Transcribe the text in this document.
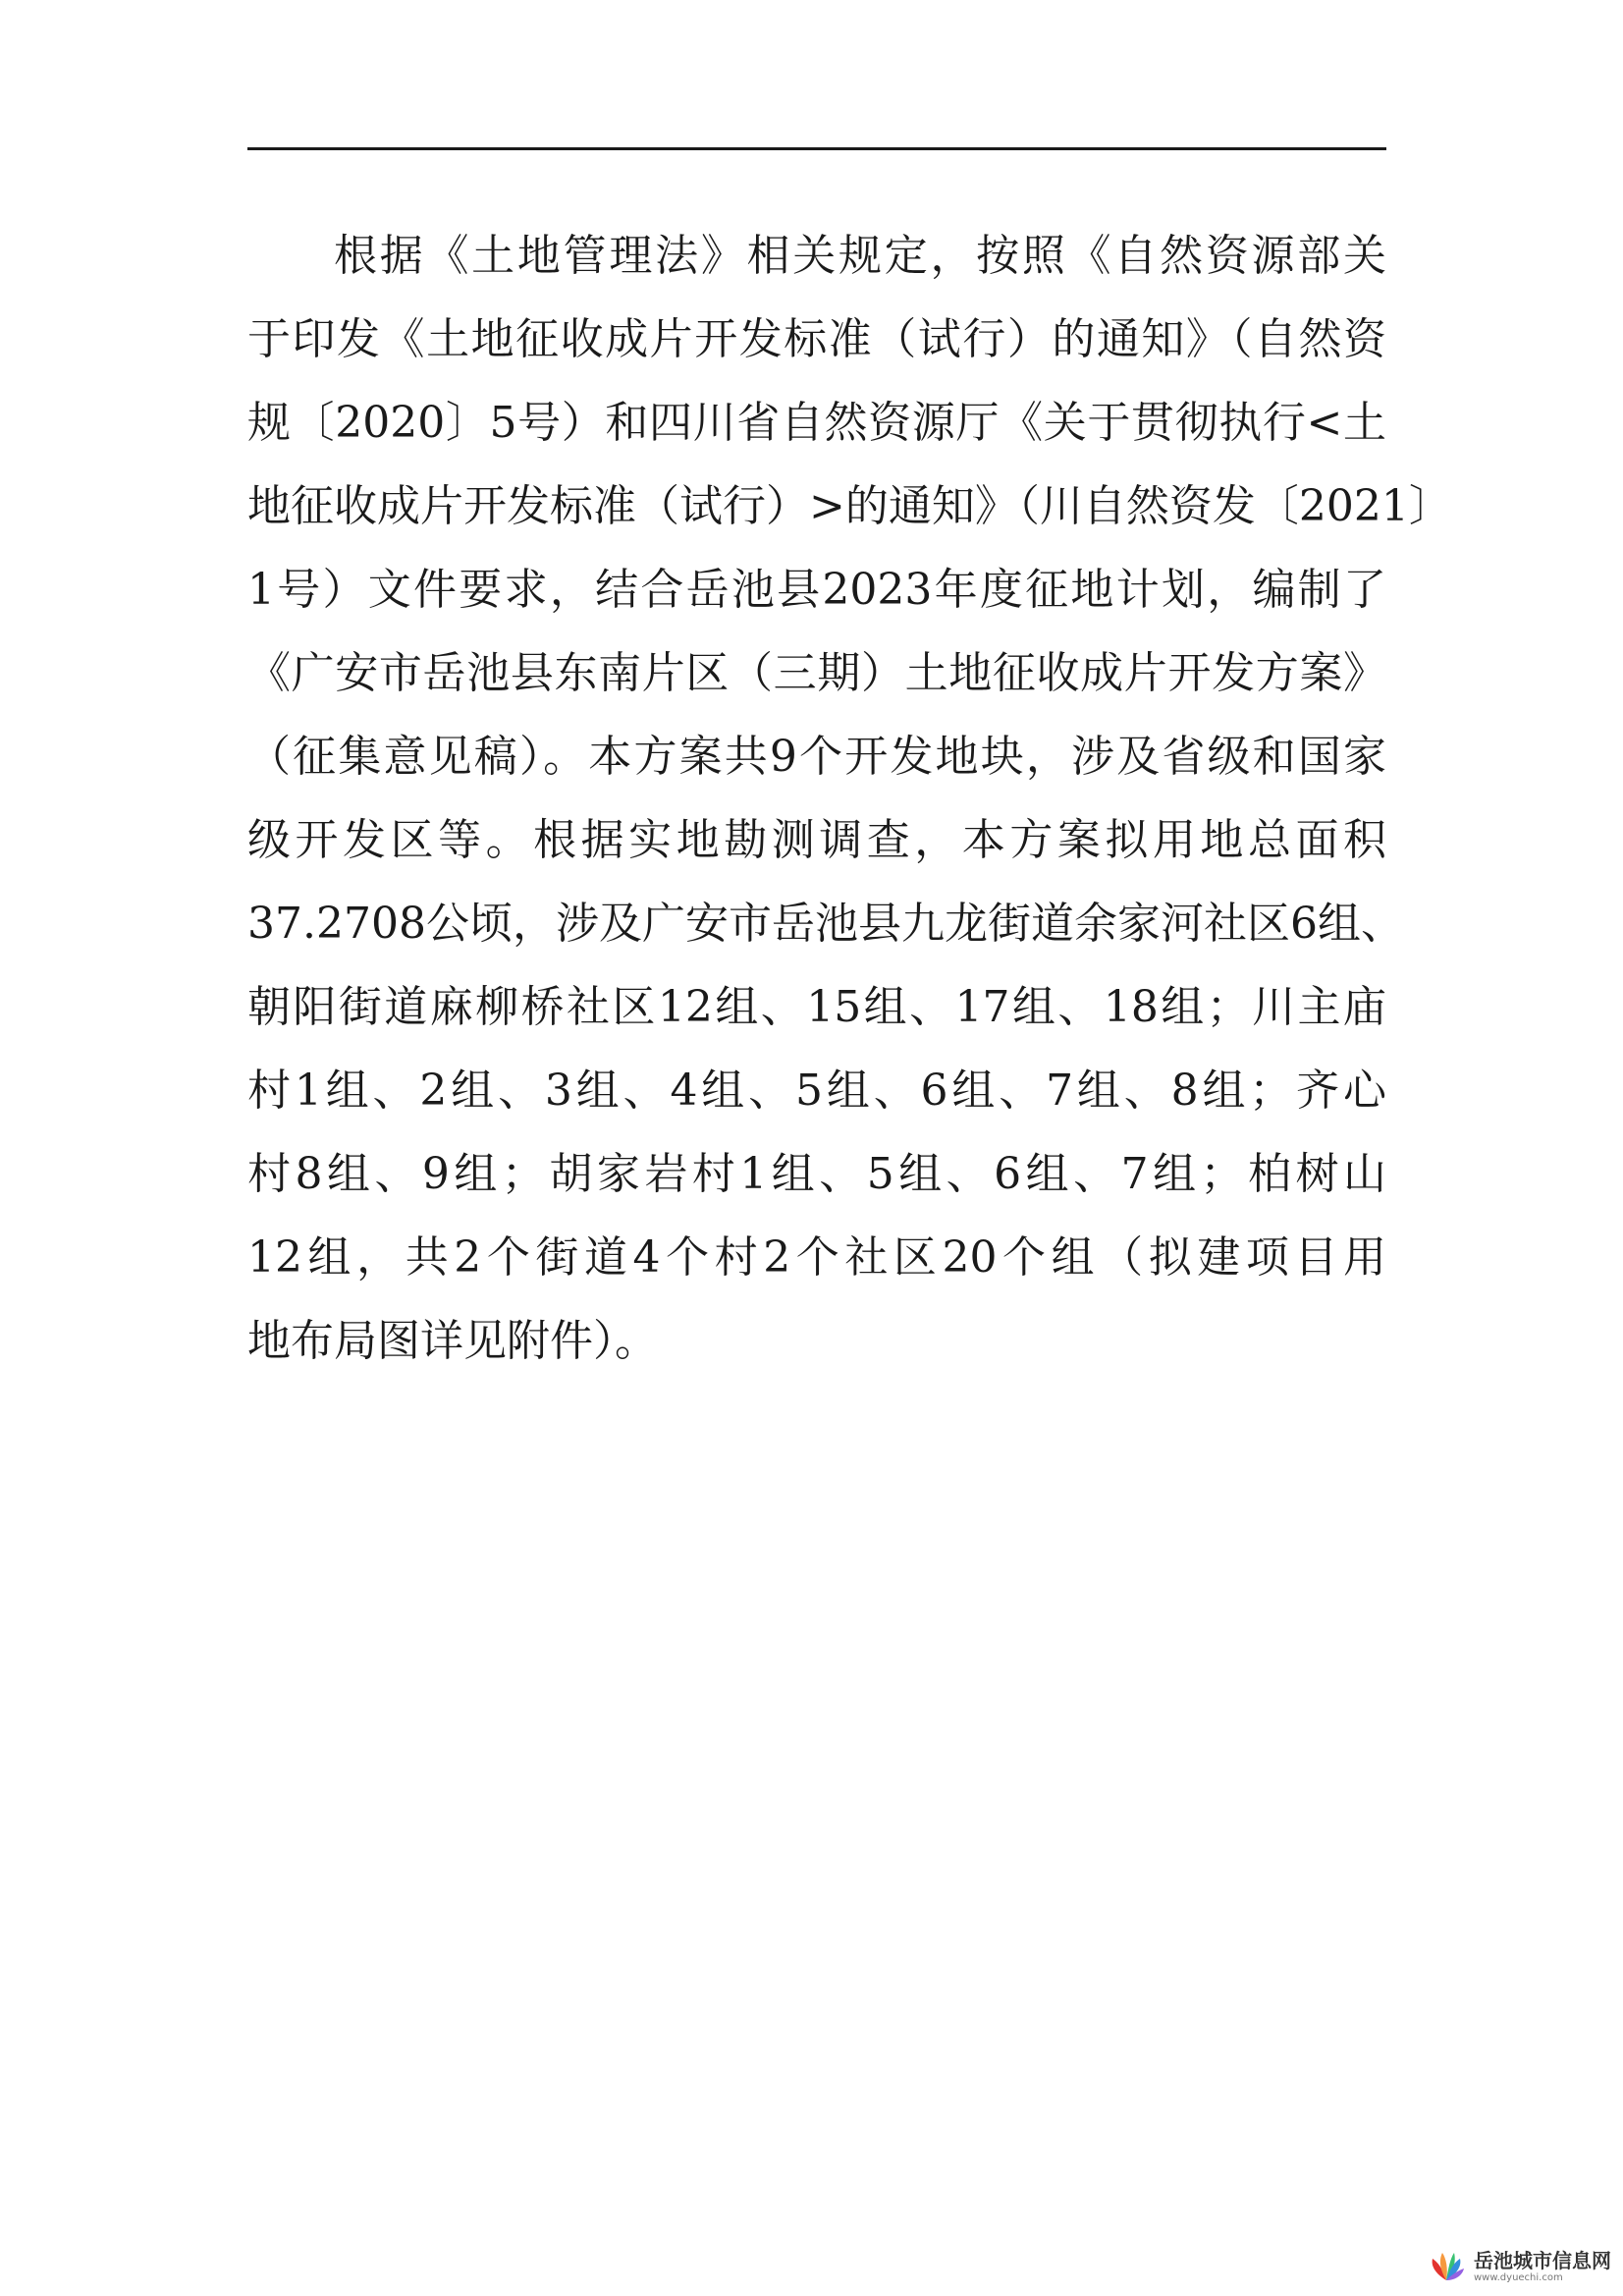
根据《土地管理法》相关规定，按照《自然资源部关
于印发《土地征收成片开发标准（试行）的通知》（自然资
规〔2020〕5号）和四川省自然资源厅《关于贯彻执行<土
地征收成片开发标准（试行）>的通知》（川自然资发〔2021〕
1号）文件要求，结合岳池县2023年度征地计划，编制了
《广安市岳池县东南片区（三期）土地征收成片开发方案》
（征集意见稿）。本方案共9个开发地块，涉及省级和国家
级开发区等。根据实地勘测调查，本方案拟用地总面积
37.2708公顷，涉及广安市岳池县九龙街道余家河社区6组、
朝阳街道麻柳桥社区12组、15组、17组、18组；川主庙
村1组、2组、3组、4组、5组、6组、7组、8组；齐心
村8组、9组；胡家岩村1组、5组、6组、7组；柏树山
12组，共2个街道4个村2个社区20个组（拟建项目用
地布局图详见附件）。
岳池城市信息网
www.dyuechi.com
